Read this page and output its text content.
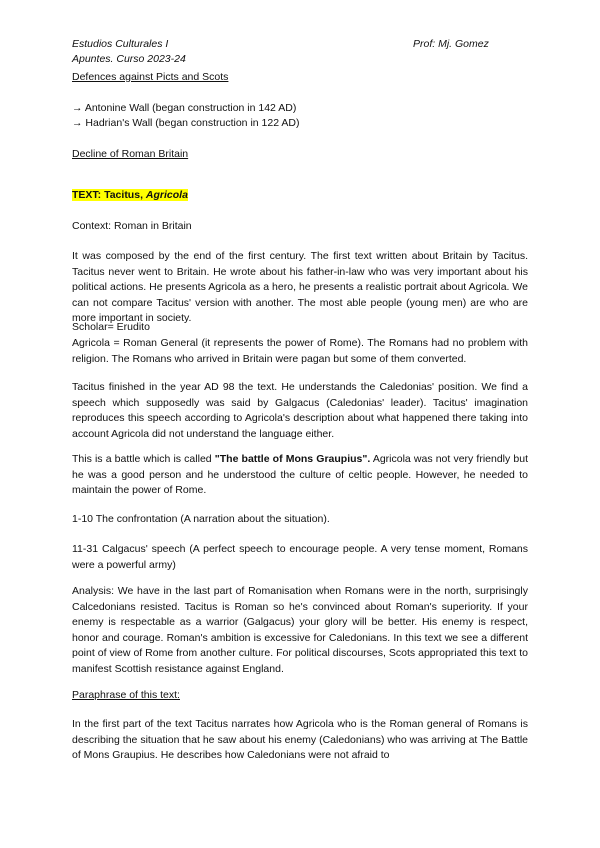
Estudios Culturales I
Apuntes. Curso 2023-24
Prof: Mj. Gomez

Defences against Picts and Scots

→ Antonine Wall (began construction in 142 AD)

→ Hadrian's Wall (began construction in 122 AD)

Decline of Roman Britain

TEXT: Tacitus, Agricola

Context: Roman in Britain

It was composed by the end of the first century. The first text written about Britain by Tacitus. Tacitus never went to Britain. He wrote about his father-in-law who was very important about his political actions. He presents Agricola as a hero, he presents a realistic portrait about Agricola. We can not compare Tacitus' version with another. The most able people (young men) are who are more important in society.

Scholar= Erudito

Agricola = Roman General (it represents the power of Rome). The Romans had no problem with religion. The Romans who arrived in Britain were pagan but some of them converted.

Tacitus finished in the year AD 98 the text. He understands the Caledonias' position. We find a speech which supposedly was said by Galgacus (Caledonias' leader). Tacitus' imagination reproduces this speech according to Agricola's description about what happened there taking into account Agricola did not understand the language either.

This is a battle which is called "The battle of Mons Graupius". Agricola was not very friendly but he was a good person and he understood the culture of celtic people. However, he needed to maintain the power of Rome.

1-10 The confrontation (A narration about the situation).

11-31 Calgacus' speech (A perfect speech to encourage people. A very tense moment, Romans were a powerful army)

Analysis: We have in the last part of Romanisation when Romans were in the north, surprisingly Calcedonians resisted. Tacitus is Roman so he's convinced about Roman's superiority. If your enemy is respectable as a warrior (Galgacus) your glory will be better. His enemy is respect, honor and courage. Roman's ambition is excessive for Caledonians. In this text we see a different point of view of Rome from another culture. For political discourses, Scots appropriated this text to manifest Scottish resistance against England.

Paraphrase of this text:

In the first part of the text Tacitus narrates how Agricola who is the Roman general of Romans is describing the situation that he saw about his enemy (Caledonians) who was arriving at The Battle of Mons Graupius. He describes how Caledonians were not afraid to
